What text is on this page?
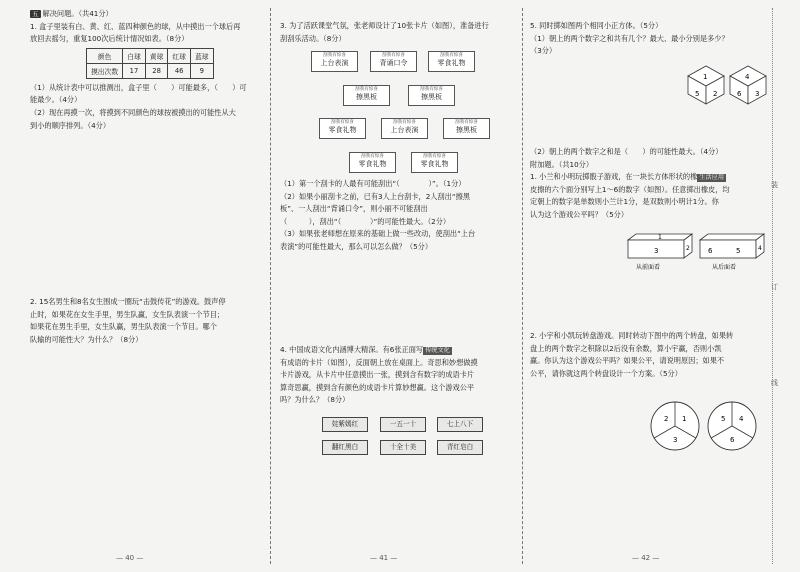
五 解决问题。（共41分）

1. 盒子里装有白、黄、红、蓝四种颜色的球，从中摸出一个球后再
放回去摇匀，重复100次后统计情况如表。（8分）

颜色	白球	黄球	红球	蓝球
摸出次数	17	28	46	9

（1）从统计表中可以推测出，盒子里（　　）可能最多，（　　）可
能最少。（4分）

（2）现在再摸一次，将摸到不同颜色的球按被摸出的可能性从大
到小的顺序排列。（4分）

2. 15名男生和8名女生围成一圈玩“击鼓传花”的游戏。鼓声停
止时，如果花在女生手里，男生队赢，女生队表演一个节目；
如果花在男生手里，女生队赢，男生队表演一个节目。哪个
队输的可能性大？为什么？（8分）

— 40 —

3. 为了活跃课堂气氛，张老师设计了10张卡片（如图），准备进行
刮刮乐活动。（8分）

刮我有惊喜
上台表演
刮我有惊喜
背诵口令
刮我有惊喜
零食礼物
刮我有惊喜
擦黑板
刮我有惊喜
擦黑板
刮我有惊喜
零食礼物
刮我有惊喜
上台表演
刮我有惊喜
擦黑板
刮我有惊喜
零食礼物
刮我有惊喜
零食礼物

（1）第一个刮卡的人最有可能刮出“（　　　　）”。（1分）

（2）如果小丽刮卡之前，已有3人上台刮卡，2人刮出“擦黑
板”、一人刮出“背诵口令”，则小丽不可能刮出
（　　　），刮出“（　　　　）”的可能性最大。（2分）

（3）如果张老师想在原来的基础上做一些改动，使刮出“上台
表演”的可能性最大，那么可以怎么做？（5分）

4. 中国成语文化内涵博大精深。有6张正面写 传统文化
有成语的卡片（如图），反面朝上放在桌面上。奇思和妙想做摸
卡片游戏，从卡片中任意摸出一张，摸到含有数字的成语卡片
算奇思赢，摸到含有颜色的成语卡片算妙想赢。这个游戏公平
吗？为什么？（8分）

姹紫嫣红	一五一十	七上八下
翻红黑白	十全十美	青红皂白
— 41 —

5. 同时掷如图两个相同小正方体。（5分）

（1）朝上的两个数字之和共有几个？最大、最小分别是多少？
（3分）

1
5 2
4
6 3

（2）朝上的两个数字之和是（　　）的可能性最大。（4分）

附加题。（共10分）

1. 小兰和小明玩掷骰子游戏，在一块长方体形状的橡 生活应用
皮擦的六个面分别写上1～6的数字（如图）。任意掷出橡皮，均
定朝上的数字是单数则小兰计1分，是双数则小明计1分。你
认为这个游戏公平吗？（5分）

1
3	2	6	5	4
从前面看	从后面看

2. 小宇和小凯玩转盘游戏。同时转动下图中的两个转盘，如果转
盘上的两个数字之积除以2后没有余数，算小宇赢，否则小凯
赢。你认为这个游戏公平吗？如果公平，请说明原因；如果不
公平，请你就这两个转盘设计一个方案。（5分）

1
2
3
4
5
6
装
订
线
— 42 —
